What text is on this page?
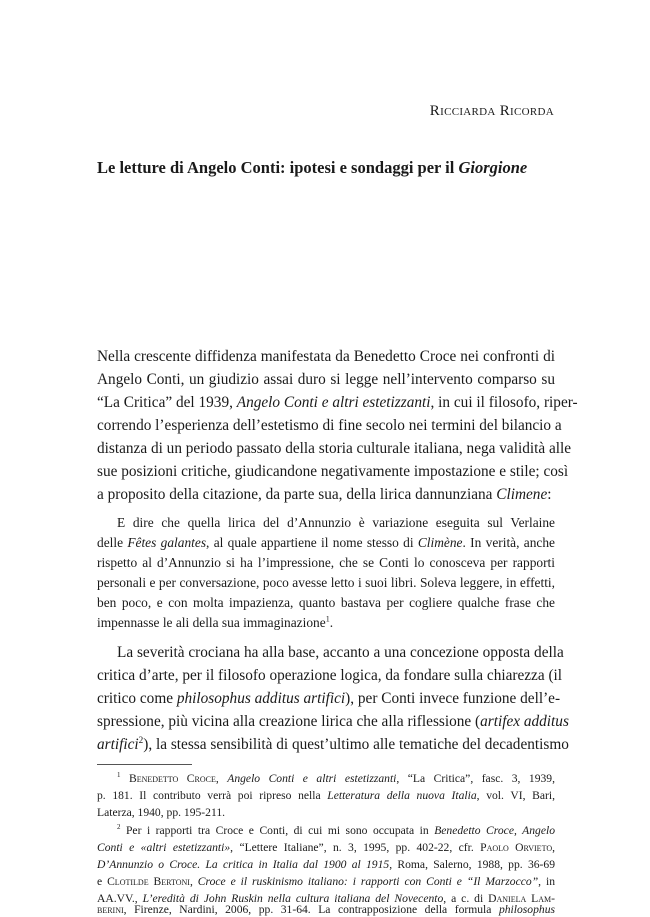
Ricciarda Ricorda
Le letture di Angelo Conti: ipotesi e sondaggi per il Giorgione

Nella crescente diffidenza manifestata da Benedetto Croce nei confronti di

Angelo Conti, un giudizio assai duro si legge nell’intervento comparso su

“La Critica” del 1939, Angelo Conti e altri estetizzanti, in cui il filosofo, riper-

correndo l’esperienza dell’estetismo di fine secolo nei termini del bilancio a

distanza di un periodo passato della storia culturale italiana, nega validità alle

sue posizioni critiche, giudicandone negativamente impostazione e stile; così

a proposito della citazione, da parte sua, della lirica dannunziana Climene:

E dire che quella lirica del d’Annunzio è variazione eseguita sul Verlaine

delle Fêtes galantes, al quale appartiene il nome stesso di Climène. In verità, anche

rispetto al d’Annunzio si ha l’impressione, che se Conti lo conosceva per rapporti

personali e per conversazione, poco avesse letto i suoi libri. Soleva leggere, in effetti,

ben poco, e con molta impazienza, quanto bastava per cogliere qualche frase che

impennasse le ali della sua immaginazione$^1$.

La severità crociana ha alla base, accanto a una concezione opposta della

critica d’arte, per il filosofo operazione logica, da fondare sulla chiarezza (il

critico come philosophus additus artifici), per Conti invece funzione dell’e-

spressione, più vicina alla creazione lirica che alla riflessione (artifex additus

artifici$^2$), la stessa sensibilità di quest’ultimo alle tematiche del decadentismo

$^1$ Benedetto Croce, Angelo Conti e altri estetizzanti, “La Critica”, fasc. 3, 1939,

p. 181. Il contributo verrà poi ripreso nella Letteratura della nuova Italia, vol. VI, Bari,

Laterza, 1940, pp. 195-211.

$^2$ Per i rapporti tra Croce e Conti, di cui mi sono occupata in Benedetto Croce, Angelo

Conti e «altri estetizzanti», “Lettere Italiane”, n. 3, 1995, pp. 402-22, cfr. Paolo Orvieto,

D’Annunzio o Croce. La critica in Italia dal 1900 al 1915, Roma, Salerno, 1988, pp. 36-69

e Clotilde Bertoni, Croce e il ruskinismo italiano: i rapporti con Conti e “Il Marzocco”, in

AA.VV., L’eredità di John Ruskin nella cultura italiana del Novecento, a c. di Daniela Lam-

berini, Firenze, Nardini, 2006, pp. 31-64. La contrapposizione della formula philosophus
